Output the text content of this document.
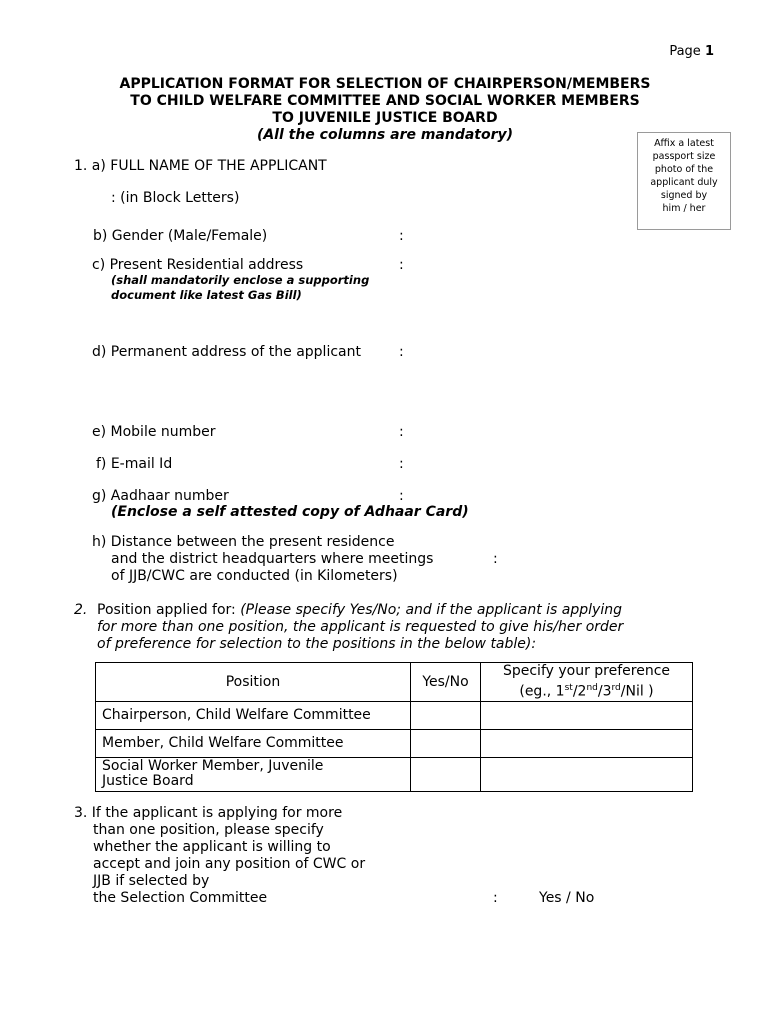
Page 1
APPLICATION FORMAT FOR SELECTION OF CHAIRPERSON/MEMBERS
TO CHILD WELFARE COMMITTEE AND SOCIAL WORKER MEMBERS
TO JUVENILE JUSTICE BOARD
(All the columns are mandatory)
Affix a latest
passport size
photo of the
applicant duly
signed by
him / her
1. a) FULL NAME OF THE APPLICANT
: (in Block Letters)
b) Gender (Male/Female)	:
c) Present Residential address	:
(shall mandatorily enclose a supporting
document like latest Gas Bill)
d) Permanent address of the applicant	:
e) Mobile number	:
f) E-mail Id	:
g) Aadhaar number	:
(Enclose a self attested copy of Adhaar Card)
h) Distance between the present residence
and the district headquarters where meetings	:
of JJB/CWC are conducted (in Kilometers)
2. Position applied for: (Please specify Yes/No; and if the applicant is applying
for more than one position, the applicant is requested to give his/her order
of preference for selection to the positions in the below table):
Position	Yes/No	Specify your preference
(eg., 1st/2nd/3rd/Nil )

Chairperson, Child Welfare Committee		
Member, Child Welfare Committee		

Social Worker Member, Juvenile
Justice Board		

3. If the applicant is applying for more
than one position, please specify
whether the applicant is willing to
accept and join any position of CWC or
JJB if selected by
the Selection Committee	:	Yes / No
